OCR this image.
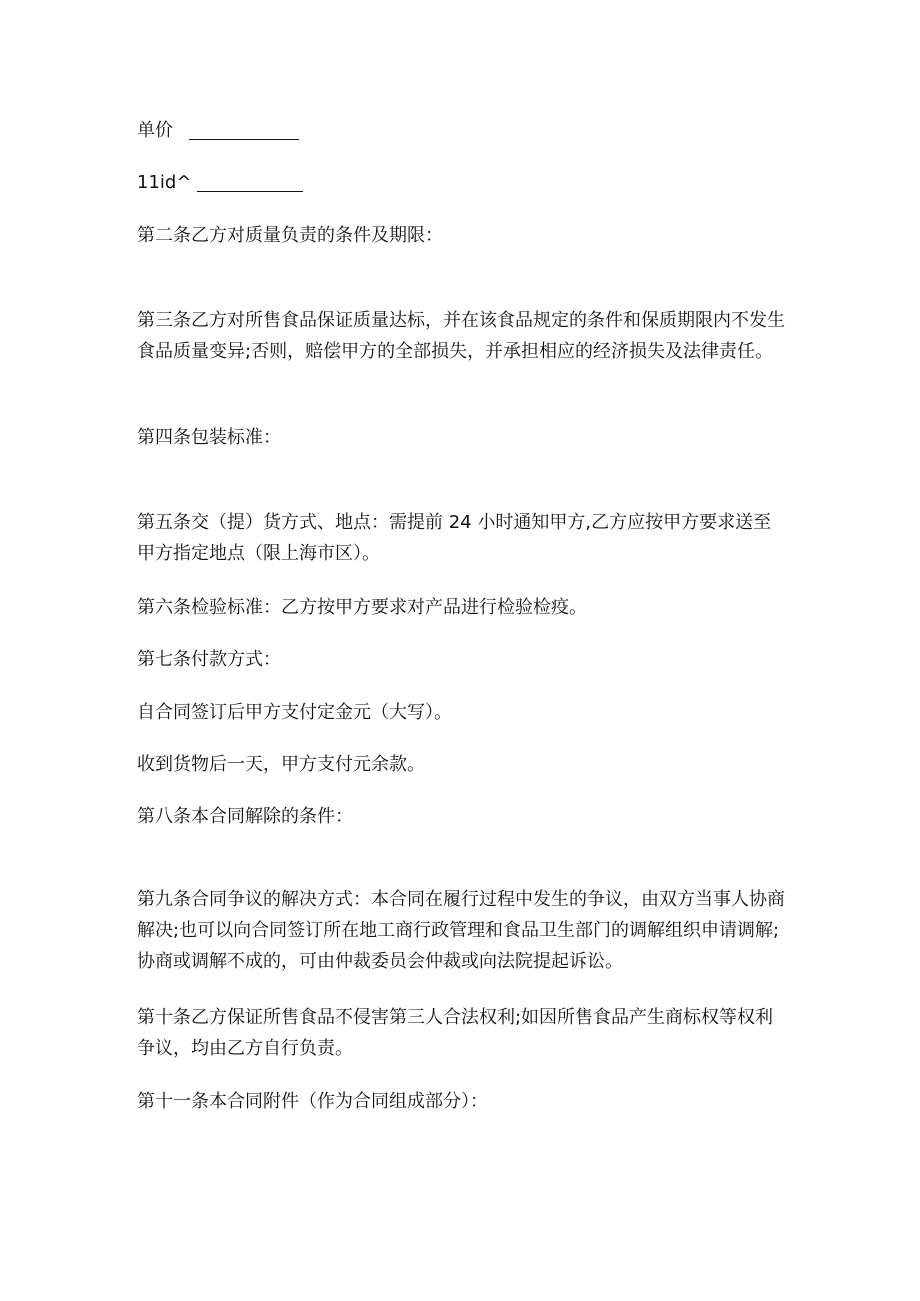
单价
11id^
第二条乙方对质量负责的条件及期限：
第三条乙方对所售食品保证质量达标，并在该食品规定的条件和保质期限内不发生食品质量变异;否则，赔偿甲方的全部损失，并承担相应的经济损失及法律责任。
第四条包装标准：
第五条交（提）货方式、地点：需提前 24 小时通知甲方,乙方应按甲方要求送至甲方指定地点（限上海市区）。
第六条检验标准：乙方按甲方要求对产品进行检验检疫。
第七条付款方式：
自合同签订后甲方支付定金元（大写）。
收到货物后一天，甲方支付元余款。
第八条本合同解除的条件：
第九条合同争议的解决方式：本合同在履行过程中发生的争议，由双方当事人协商解决;也可以向合同签订所在地工商行政管理和食品卫生部门的调解组织申请调解;协商或调解不成的，可由仲裁委员会仲裁或向法院提起诉讼。
第十条乙方保证所售食品不侵害第三人合法权利;如因所售食品产生商标权等权利争议，均由乙方自行负责。
第十一条本合同附件（作为合同组成部分）：
